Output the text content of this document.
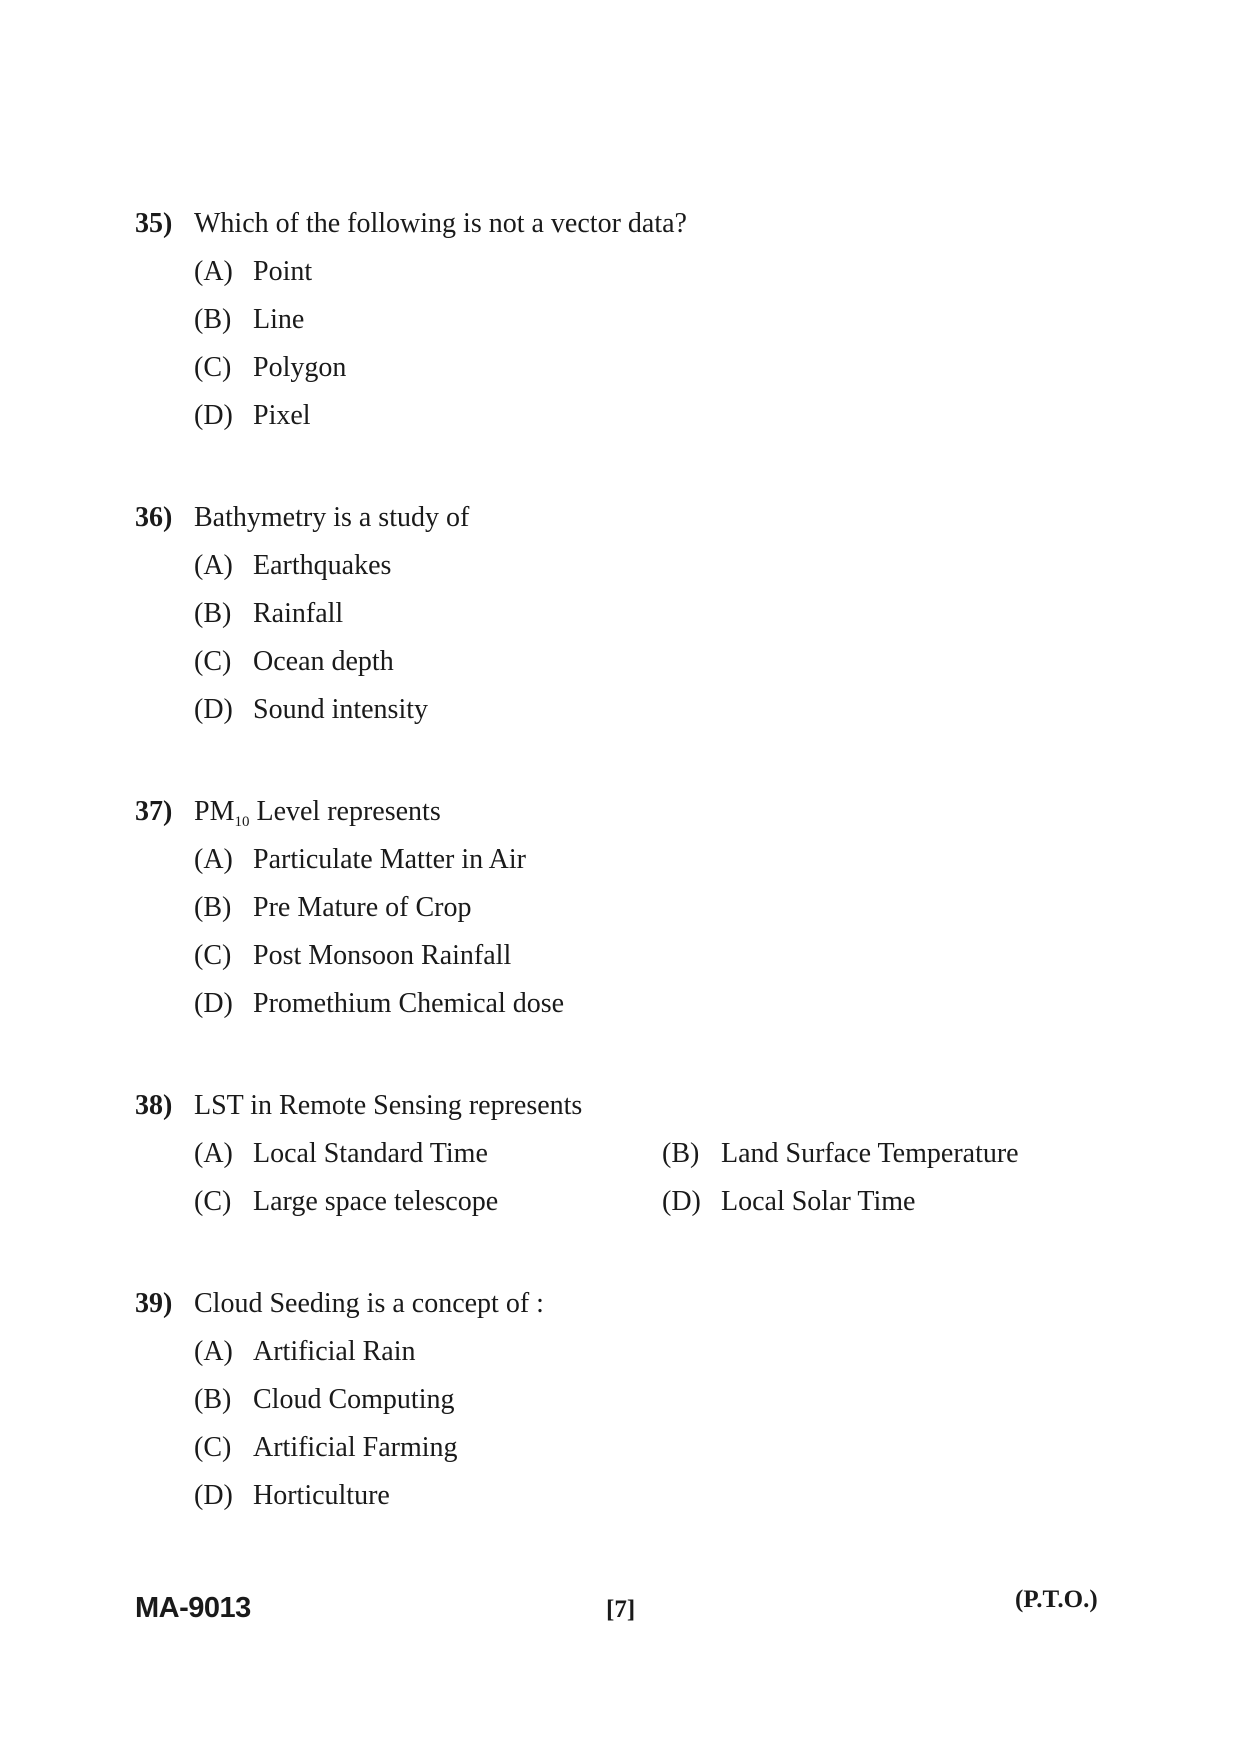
35) Which of the following is not a vector data?
(A) Point
(B) Line
(C) Polygon
(D) Pixel
36) Bathymetry is a study of
(A) Earthquakes
(B) Rainfall
(C) Ocean depth
(D) Sound intensity
37) $PM_{10}$ Level represents
(A) Particulate Matter in Air
(B) Pre Mature of Crop
(C) Post Monsoon Rainfall
(D) Promethium Chemical dose
38) LST in Remote Sensing represents
(A) Local Standard Time	(B) Land Surface Temperature
(C) Large space telescope	(D) Local Solar Time
39) Cloud Seeding is a concept of :
(A) Artificial Rain
(B) Cloud Computing
(C) Artificial Farming
(D) Horticulture
MA-9013	[7]	(P.T.O.)
